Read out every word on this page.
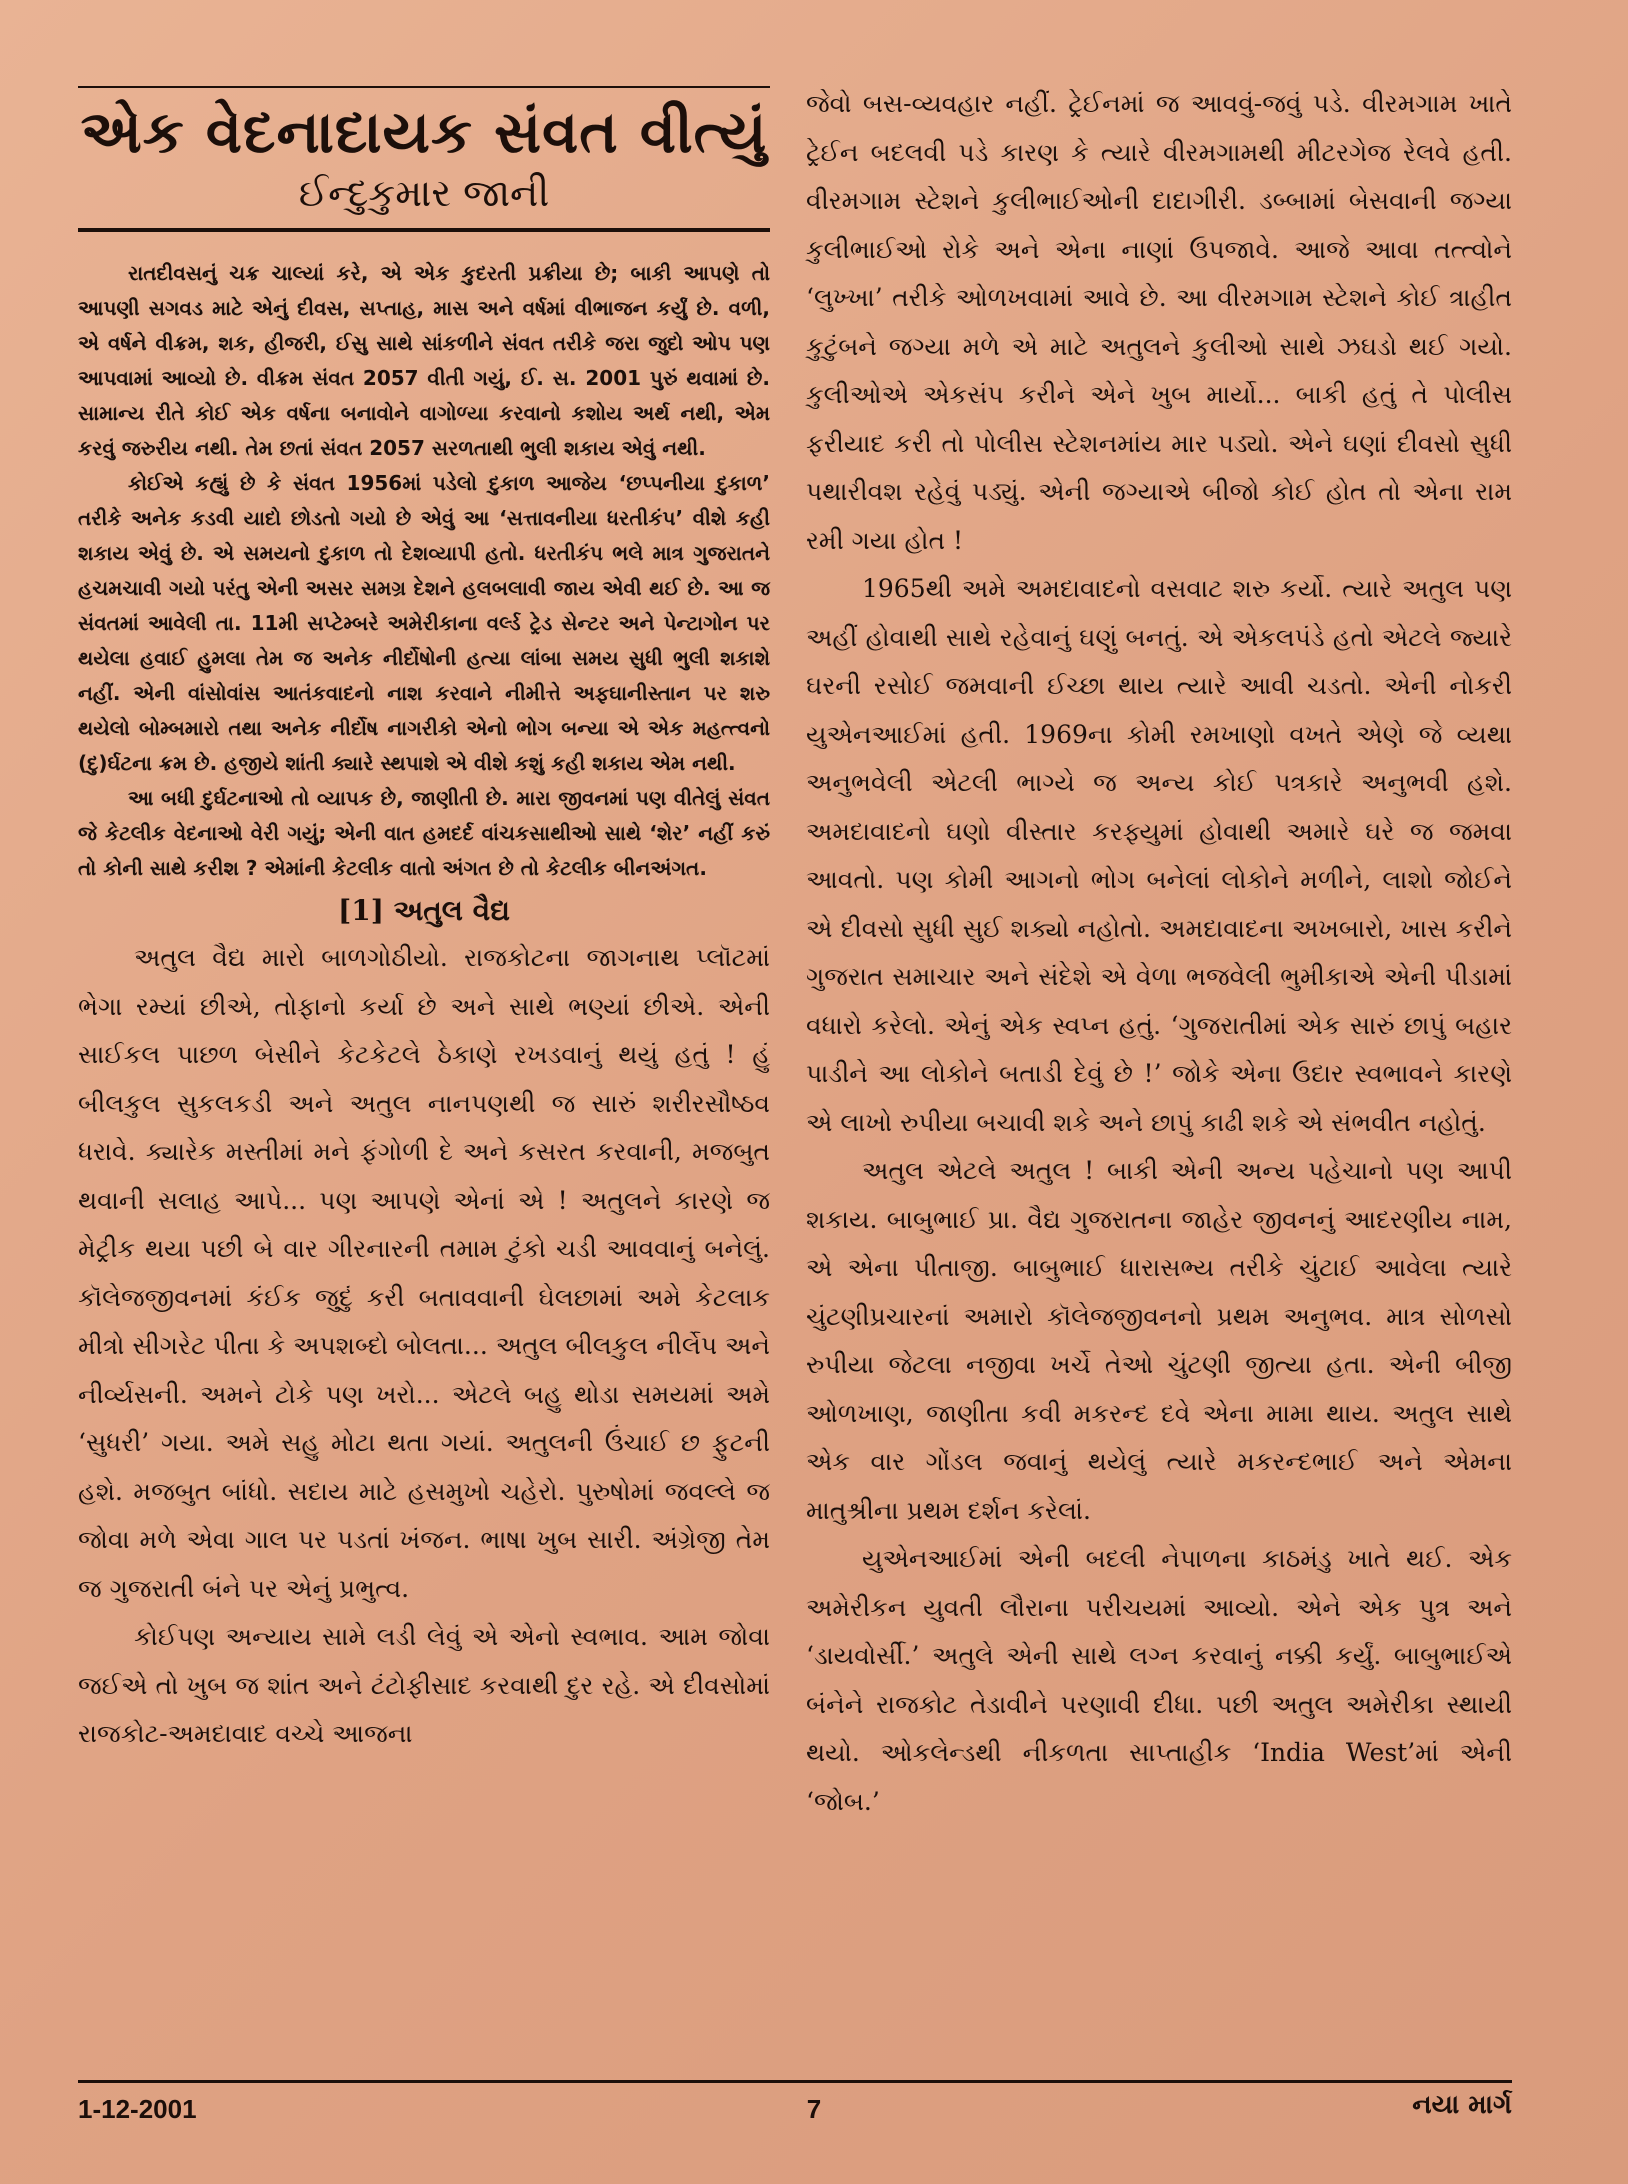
એક વેદનાદાયક સંવત વીત્યું
ઈન્દુકુમાર જાની

રાતદીવસનું ચક્ર ચાલ્યાં કરે, એ એક કુદરતી પ્રક્રીયા છે; બાકી આપણે તો આપણી સગવડ માટે એનું દીવસ, સપ્તાહ, માસ અને વર્ષમાં વીભાજન કર્યું છે. વળી, એ વર્ષને વીક્રમ, શક, હીજરી, ઈસુ સાથે સાંકળીને સંવત તરીકે જરા જુદો ઓપ પણ આપવામાં આવ્યો છે. વીક્રમ સંવત 2057 વીતી ગયું, ઈ. સ. 2001 પુરું થવામાં છે. સામાન્ય રીતે કોઈ એક વર્ષના બનાવોને વાગોળ્યા કરવાનો કશોય અર્થ નથી, એમ કરવું જરુરીય નથી. તેમ છતાં સંવત 2057 સરળતાથી ભુલી શકાય એવું નથી.

કોઈએ કહ્યું છે કે સંવત 1956માં પડેલો દુકાળ આજેય ‘છપ્પનીયા દુકાળ’ તરીકે અનેક કડવી યાદો છોડતો ગયો છે એવું આ ‘સત્તાવનીયા ધરતીકંપ’ વીશે કહી શકાય એવું છે. એ સમયનો દુકાળ તો દેશવ્યાપી હતો. ધરતીકંપ ભલે માત્ર ગુજરાતને હચમચાવી ગયો પરંતુ એની અસર સમગ્ર દેશને હલબલાવી જાય એવી થઈ છે. આ જ સંવતમાં આવેલી તા. 11મી સપ્ટેમ્બરે અમેરીકાના વર્લ્ડ ટ્રેડ સેન્ટર અને પેન્ટાગોન પર થયેલા હવાઈ હુમલા તેમ જ અનેક નીર્દોષોની હત્યા લાંબા સમય સુધી ભુલી શકાશે નહીં. એની વાંસોવાંસ આતંકવાદનો નાશ કરવાને નીમીત્તે અફઘાનીસ્તાન પર શરુ થયેલો બોમ્બમારો તથા અનેક નીર્દોષ નાગરીકો એનો ભોગ બન્યા એ એક મહત્ત્વનો (દુ)ર્ઘટના ક્રમ છે. હજીયે શાંતી ક્યારે સ્થપાશે એ વીશે કશું કહી શકાય એમ નથી.

આ બધી દુર્ઘટનાઓ તો વ્યાપક છે, જાણીતી છે. મારા જીવનમાં પણ વીતેલું સંવત જે કેટલીક વેદનાઓ વેરી ગયું; એની વાત હમદર્દ વાંચકસાથીઓ સાથે ‘શેર’ નહીં કરું તો કોની સાથે કરીશ ? એમાંની કેટલીક વાતો અંગત છે તો કેટલીક બીનઅંગત.

[1] અતુલ વૈદ્ય

અતુલ વૈદ્ય મારો બાળગોઠીયો. રાજકોટના જાગનાથ પ્લૉટમાં ભેગા રમ્યાં છીએ, તોફાનો કર્યા છે અને સાથે ભણ્યાં છીએ. એની સાઈકલ પાછળ બેસીને કેટકેટલે ઠેકાણે રખડવાનું થયું હતું ! હું બીલકુલ સુકલકડી અને અતુલ નાનપણથી જ સારું શરીરસૌષ્ઠવ ધરાવે. ક્યારેક મસ્તીમાં મને ફંગોળી દે અને કસરત કરવાની, મજબુત થવાની સલાહ આપે... પણ આપણે એનાં એ ! અતુલને કારણે જ મેટ્રીક થયા પછી બે વાર ગીરનારની તમામ ટુંકો ચડી આવવાનું બનેલું. કૉલેજજીવનમાં કંઈક જુદું કરી બતાવવાની ઘેલછામાં અમે કેટલાક મીત્રો સીગરેટ પીતા કે અપશબ્દો બોલતા... અતુલ બીલકુલ નીર્લેપ અને નીર્વ્યસની. અમને ટોકે પણ ખરો... એટલે બહુ થોડા સમયમાં અમે ‘સુધરી’ ગયા. અમે સહુ મોટા થતા ગયાં. અતુલની ઉંચાઈ છ ફુટની હશે. મજબુત બાંધો. સદાય માટે હસમુખો ચહેરો. પુરુષોમાં જવલ્લે જ જોવા મળે એવા ગાલ પર પડતાં ખંજન. ભાષા ખુબ સારી. અંગ્રેજી તેમ જ ગુજરાતી બંને પર એનું પ્રભુત્વ.

કોઈપણ અન્યાય સામે લડી લેવું એ એનો સ્વભાવ. આમ જોવા જઈએ તો ખુબ જ શાંત અને ટંટોફીસાદ કરવાથી દુર રહે. એ દીવસોમાં રાજકોટ-અમદાવાદ વચ્ચે આજના

જેવો બસ-વ્યવહાર નહીં. ટ્રેઈનમાં જ આવવું-જવું પડે. વીરમગામ ખાતે ટ્રેઈન બદલવી પડે કારણ કે ત્યારે વીરમગામથી મીટરગેજ રેલવે હતી. વીરમગામ સ્ટેશને કુલીભાઈઓની દાદાગીરી. ડબ્બામાં બેસવાની જગ્યા કુલીભાઈઓ રોકે અને એના નાણાં ઉપજાવે. આજે આવા તત્ત્વોને ‘લુખ્ખા’ તરીકે ઓળખવામાં આવે છે. આ વીરમગામ સ્ટેશને કોઈ ત્રાહીત કુટુંબને જગ્યા મળે એ માટે અતુલને કુલીઓ સાથે ઝઘડો થઈ ગયો. કુલીઓએ એકસંપ કરીને એને ખુબ માર્યો... બાકી હતું તે પોલીસ ફરીયાદ કરી તો પોલીસ સ્ટેશનમાંય માર પડ્યો. એને ઘણાં દીવસો સુધી પથારીવશ રહેવું પડ્યું. એની જગ્યાએ બીજો કોઈ હોત તો એના રામ રમી ગયા હોત !

1965થી અમે અમદાવાદનો વસવાટ શરુ કર્યો. ત્યારે અતુલ પણ અહીં હોવાથી સાથે રહેવાનું ઘણું બનતું. એ એકલપંડે હતો એટલે જ્યારે ઘરની રસોઈ જમવાની ઈચ્છા થાય ત્યારે આવી ચડતો. એની નોકરી યુએનઆઈમાં હતી. 1969ના કોમી રમખાણો વખતે એણે જે વ્યથા અનુભવેલી એટલી ભાગ્યે જ અન્ય કોઈ પત્રકારે અનુભવી હશે. અમદાવાદનો ઘણો વીસ્તાર કરફ્યુમાં હોવાથી અમારે ઘરે જ જમવા આવતો. પણ કોમી આગનો ભોગ બનેલાં લોકોને મળીને, લાશો જોઈને એ દીવસો સુધી સુઈ શક્યો નહોતો. અમદાવાદના અખબારો, ખાસ કરીને ગુજરાત સમાચાર અને સંદેશે એ વેળા ભજવેલી ભુમીકાએ એની પીડામાં વધારો કરેલો. એનું એક સ્વપ્ન હતું. ‘ગુજરાતીમાં એક સારું છાપું બહાર પાડીને આ લોકોને બતાડી દેવું છે !’ જોકે એના ઉદાર સ્વભાવને કારણે એ લાખો રુપીયા બચાવી શકે અને છાપું કાઢી શકે એ સંભવીત નહોતું.

અતુલ એટલે અતુલ ! બાકી એની અન્ય પહેચાનો પણ આપી શકાય. બાબુભાઈ પ્રા. વૈદ્ય ગુજરાતના જાહેર જીવનનું આદરણીય નામ, એ એના પીતાજી. બાબુભાઈ ધારાસભ્ય તરીકે ચુંટાઈ આવેલા ત્યારે ચુંટણીપ્રચારનાં અમારો કૉલેજજીવનનો પ્રથમ અનુભવ. માત્ર સોળસો રુપીયા જેટલા નજીવા ખર્ચે તેઓ ચુંટણી જીત્યા હતા. એની બીજી ઓળખાણ, જાણીતા કવી મકરન્દ દવે એના મામા થાય. અતુલ સાથે એક વાર ગોંડલ જવાનું થયેલું ત્યારે મકરન્દભાઈ અને એમના માતુશ્રીના પ્રથમ દર્શન કરેલાં.

યુએનઆઈમાં એની બદલી નેપાળના કાઠમંડુ ખાતે થઈ. એક અમેરીકન યુવતી લૌરાના પરીચયમાં આવ્યો. એને એક પુત્ર અને ‘ડાયવોર્સી.’ અતુલે એની સાથે લગ્ન કરવાનું નક્કી કર્યું. બાબુભાઈએ બંનેને રાજકોટ તેડાવીને પરણાવી દીધા. પછી અતુલ અમેરીકા સ્થાયી થયો. ઓકલેન્ડથી નીકળતા સાપ્તાહીક ‘India West’માં એની ‘જોબ.’

1-12-2001	7	નયા માર્ગ
